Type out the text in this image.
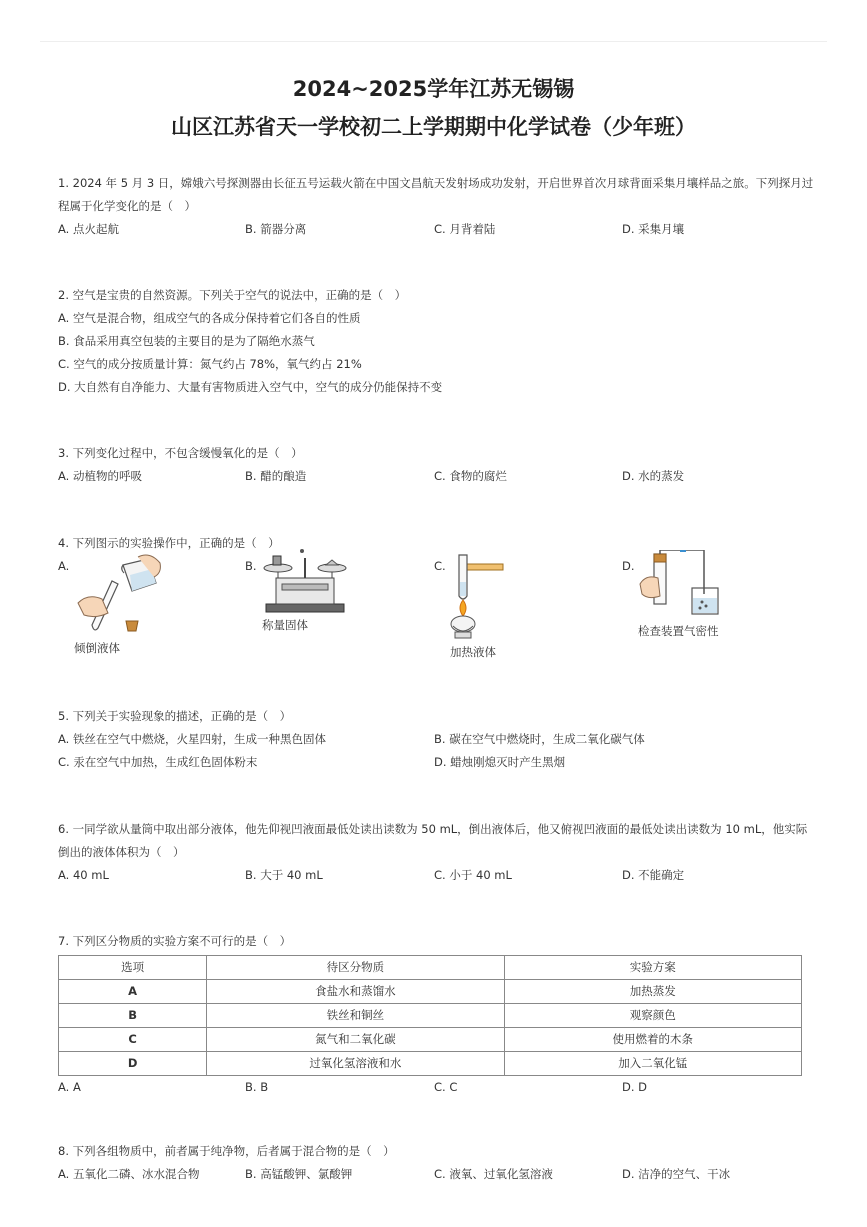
2024~2025学年江苏无锡锡
山区江苏省天一学校初二上学期期中化学试卷（少年班）
1. 2024 年 5 月 3 日，嫦娥六号探测器由长征五号运载火箭在中国文昌航天发射场成功发射，开启世界首次月球背面采集月壤样品之旅。下列探月过
程属于化学变化的是（　）
A. 点火起航	B. 箭器分离	C. 月背着陆	D. 采集月壤
2. 空气是宝贵的自然资源。下列关于空气的说法中，正确的是（　）
A. 空气是混合物，组成空气的各成分保持着它们各自的性质
B. 食品采用真空包装的主要目的是为了隔绝水蒸气
C. 空气的成分按质量计算：氮气约占 78%，氧气约占 21%
D. 大自然有自净能力、大量有害物质进入空气中，空气的成分仍能保持不变
3. 下列变化过程中，不包含缓慢氧化的是（　）
A. 动植物的呼吸	B. 醋的酿造	C. 食物的腐烂	D. 水的蒸发
4. 下列图示的实验操作中，正确的是（　）
A.	B.	C.	D.
倾倒液体
称量固体
加热液体
检查装置气密性
5. 下列关于实验现象的描述，正确的是（　）
A. 铁丝在空气中燃烧，火星四射，生成一种黑色固体	B. 碳在空气中燃烧时，生成二氧化碳气体
C. 汞在空气中加热，生成红色固体粉末	D. 蜡烛刚熄灭时产生黑烟
6. 一同学欲从量筒中取出部分液体，他先仰视凹液面最低处读出读数为 50 mL，倒出液体后，他又俯视凹液面的最低处读出读数为 10 mL，他实际
倒出的液体体积为（　）
A. 40 mL	B. 大于 40 mL	C. 小于 40 mL	D. 不能确定
7. 下列区分物质的实验方案不可行的是（　）
选项	待区分物质	实验方案
A	食盐水和蒸馏水	加热蒸发
B	铁丝和铜丝	观察颜色
C	氮气和二氧化碳	使用燃着的木条
D	过氧化氢溶液和水	加入二氧化锰
A. A	B. B	C. C	D. D
8. 下列各组物质中，前者属于纯净物，后者属于混合物的是（　）
A. 五氧化二磷、冰水混合物	B. 高锰酸钾、氯酸钾	C. 液氧、过氧化氢溶液	D. 洁净的空气、干冰
